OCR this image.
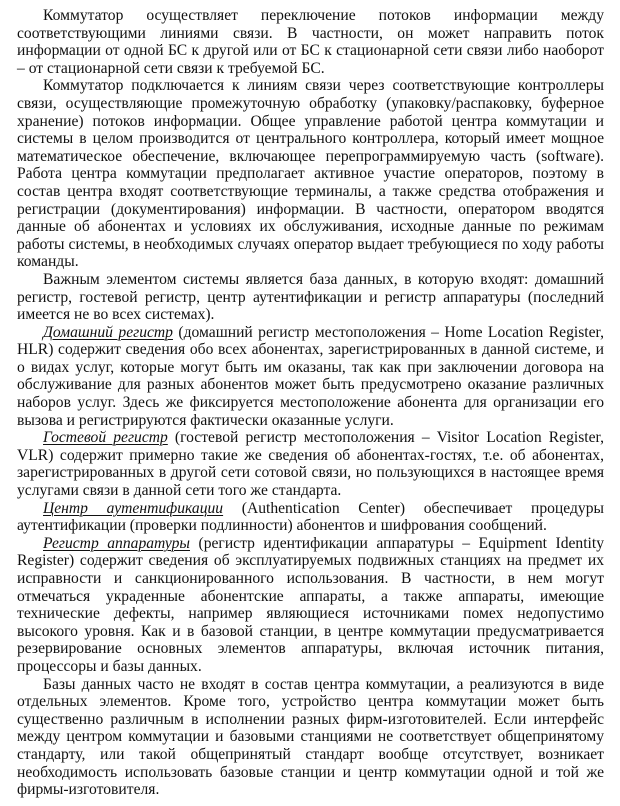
Коммутатор осуществляет переключение потоков информации между соответствующими линиями связи. В частности, он может направить поток информации от одной БС к другой или от БС к стационарной сети связи либо наоборот – от стационарной сети связи к требуемой БС.

Коммутатор подключается к линиям связи через соответствующие контроллеры связи, осуществляющие промежуточную обработку (упаковку/распаковку, буферное хранение) потоков информации. Общее управление работой центра коммутации и системы в целом производится от центрального контроллера, который имеет мощное математическое обеспечение, включающее перепрограммируемую часть (software). Работа центра коммутации предполагает активное участие операторов, поэтому в состав центра входят соответствующие терминалы, а также средства отображения и регистрации (документирования) информации. В частности, оператором вводятся данные об абонентах и условиях их обслуживания, исходные данные по режимам работы системы, в необходимых случаях оператор выдает требующиеся по ходу работы команды.

Важным элементом системы является база данных, в которую входят: домашний регистр, гостевой регистр, центр аутентификации и регистр аппаратуры (последний имеется не во всех системах).

Домашний регистр (домашний регистр местоположения – Home Location Register, HLR) содержит сведения обо всех абонентах, зарегистрированных в данной системе, и о видах услуг, которые могут быть им оказаны, так как при заключении договора на обслуживание для разных абонентов может быть предусмотрено оказание различных наборов услуг. Здесь же фиксируется местоположение абонента для организации его вызова и регистрируются фактически оказанные услуги.

Гостевой регистр (гостевой регистр местоположения – Visitor Location Register, VLR) содержит примерно такие же сведения об абонентах-гостях, т.е. об абонентах, зарегистрированных в другой сети сотовой связи, но пользующихся в настоящее время услугами связи в данной сети того же стандарта.

Центр аутентификации (Authentication Center) обеспечивает процедуры аутентификации (проверки подлинности) абонентов и шифрования сообщений.

Регистр аппаратуры (регистр идентификации аппаратуры – Equipment Identity Register) содержит сведения об эксплуатируемых подвижных станциях на предмет их исправности и санкционированного использования. В частности, в нем могут отмечаться украденные абонентские аппараты, а также аппараты, имеющие технические дефекты, например являющиеся источниками помех недопустимо высокого уровня. Как и в базовой станции, в центре коммутации предусматривается резервирование основных элементов аппаратуры, включая источник питания, процессоры и базы данных.

Базы данных часто не входят в состав центра коммутации, а реализуются в виде отдельных элементов. Кроме того, устройство центра коммутации может быть существенно различным в исполнении разных фирм-изготовителей. Если интерфейс между центром коммутации и базовыми станциями не соответствует общепринятому стандарту, или такой общепринятый стандарт вообще отсутствует, возникает необходимость использовать базовые станции и центр коммутации одной и той же фирмы-изготовителя.
